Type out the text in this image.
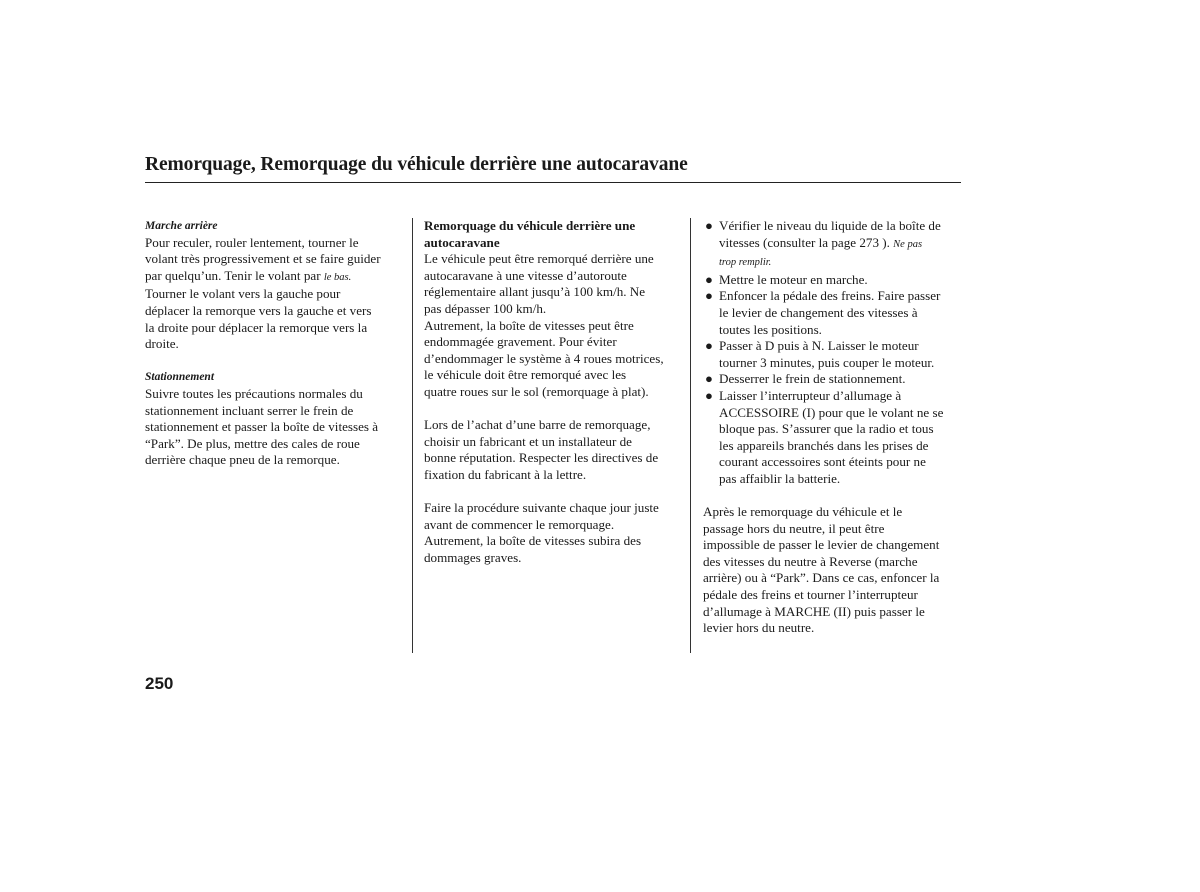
Remorquage, Remorquage du véhicule derrière une autocaravane

Marche arrière

Pour reculer, rouler lentement, tourner le
volant très progressivement et se faire guider
par quelqu’un. Tenir le volant par le bas.
Tourner le volant vers la gauche pour
déplacer la remorque vers la gauche et vers
la droite pour déplacer la remorque vers la
droite.

Stationnement

Suivre toutes les précautions normales du
stationnement incluant serrer le frein de
stationnement et passer la boîte de vitesses à
“Park”. De plus, mettre des cales de roue
derrière chaque pneu de la remorque.

Remorquage du véhicule derrière une
autocaravane

Le véhicule peut être remorqué derrière une
autocaravane à une vitesse d’autoroute
réglementaire allant jusqu’à 100 km/h. Ne
pas dépasser 100 km/h.
Autrement, la boîte de vitesses peut être
endommagée gravement. Pour éviter
d’endommager le système à 4 roues motrices,
le véhicule doit être remorqué avec les
quatre roues sur le sol (remorquage à plat).

Lors de l’achat d’une barre de remorquage,
choisir un fabricant et un installateur de
bonne réputation. Respecter les directives de
fixation du fabricant à la lettre.

Faire la procédure suivante chaque jour juste
avant de commencer le remorquage.
Autrement, la boîte de vitesses subira des
dommages graves.

● Vérifier le niveau du liquide de la boîte de
vitesses (consulter la page 273 ). Ne pas
trop remplir.
● Mettre le moteur en marche.
● Enfoncer la pédale des freins. Faire passer
le levier de changement des vitesses à
toutes les positions.
● Passer à D puis à N. Laisser le moteur
tourner 3 minutes, puis couper le moteur.
● Desserrer le frein de stationnement.
● Laisser l’interrupteur d’allumage à
ACCESSOIRE (I) pour que le volant ne se
bloque pas. S’assurer que la radio et tous
les appareils branchés dans les prises de
courant accessoires sont éteints pour ne
pas affaiblir la batterie.

Après le remorquage du véhicule et le
passage hors du neutre, il peut être
impossible de passer le levier de changement
des vitesses du neutre à Reverse (marche
arrière) ou à “Park”. Dans ce cas, enfoncer la
pédale des freins et tourner l’interrupteur
d’allumage à MARCHE (II) puis passer le
levier hors du neutre.

250
